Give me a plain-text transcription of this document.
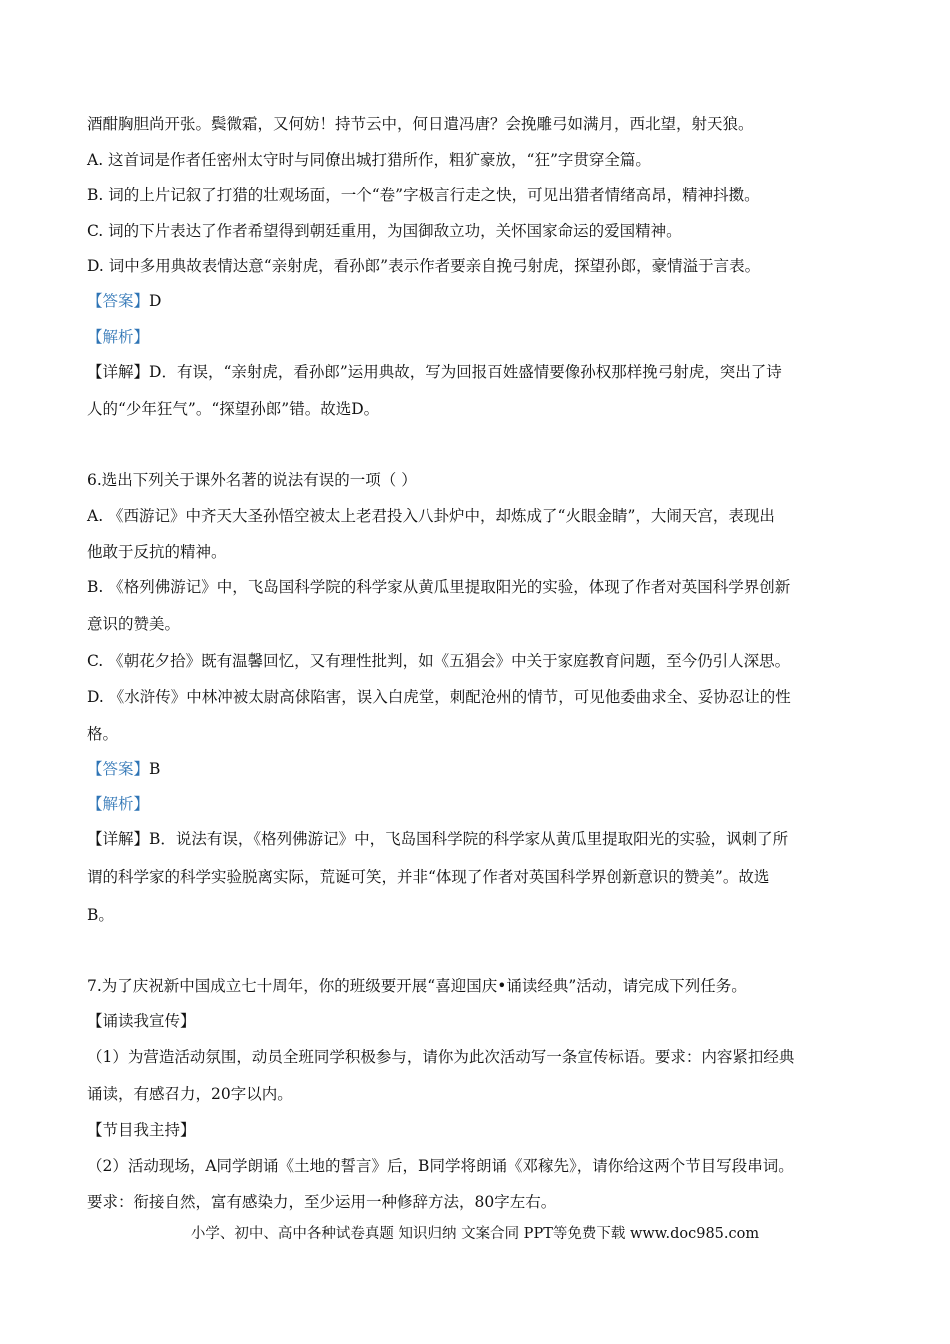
酒酣胸胆尚开张。鬓微霜，又何妨！持节云中，何日遣冯唐？会挽雕弓如满月，西北望，射天狼。
A. 这首词是作者任密州太守时与同僚出城打猎所作，粗犷豪放，“狂”字贯穿全篇。
B. 词的上片记叙了打猎的壮观场面，一个“卷”字极言行走之快，可见出猎者情绪高昂，精神抖擞。
C. 词的下片表达了作者希望得到朝廷重用，为国御敌立功，关怀国家命运的爱国精神。
D. 词中多用典故表情达意“亲射虎，看孙郎”表示作者要亲自挽弓射虎，探望孙郎，豪情溢于言表。
【答案】D
【解析】
【详解】D．有误，“亲射虎，看孙郎”运用典故，写为回报百姓盛情要像孙权那样挽弓射虎，突出了诗
人的“少年狂气”。“探望孙郎”错。故选D。
6.选出下列关于课外名著的说法有误的一项（ ）
A. 《西游记》中齐天大圣孙悟空被太上老君投入八卦炉中，却炼成了“火眼金睛”，大闹天宫，表现出
他敢于反抗的精神。
B. 《格列佛游记》中，飞岛国科学院的科学家从黄瓜里提取阳光的实验，体现了作者对英国科学界创新
意识的赞美。
C. 《朝花夕拾》既有温馨回忆，又有理性批判，如《五猖会》中关于家庭教育问题，至今仍引人深思。
D. 《水浒传》中林冲被太尉高俅陷害，误入白虎堂，刺配沧州的情节，可见他委曲求全、妥协忍让的性
格。
【答案】B
【解析】
【详解】B．说法有误，《格列佛游记》中，飞岛国科学院的科学家从黄瓜里提取阳光的实验，讽刺了所
谓的科学家的科学实验脱离实际，荒诞可笑，并非“体现了作者对英国科学界创新意识的赞美”。故选
B。
7.为了庆祝新中国成立七十周年，你的班级要开展“喜迎国庆•诵读经典”活动，请完成下列任务。
【诵读我宣传】
（1）为营造活动氛围，动员全班同学积极参与，请你为此次活动写一条宣传标语。要求：内容紧扣经典
诵读，有感召力，20字以内。
【节目我主持】
（2）活动现场，A同学朗诵《土地的誓言》后，B同学将朗诵《邓稼先》，请你给这两个节目写段串词。
要求：衔接自然，富有感染力，至少运用一种修辞方法，80字左右。
小学、初中、高中各种试卷真题 知识归纳 文案合同 PPT等免费下载 www.doc985.com
